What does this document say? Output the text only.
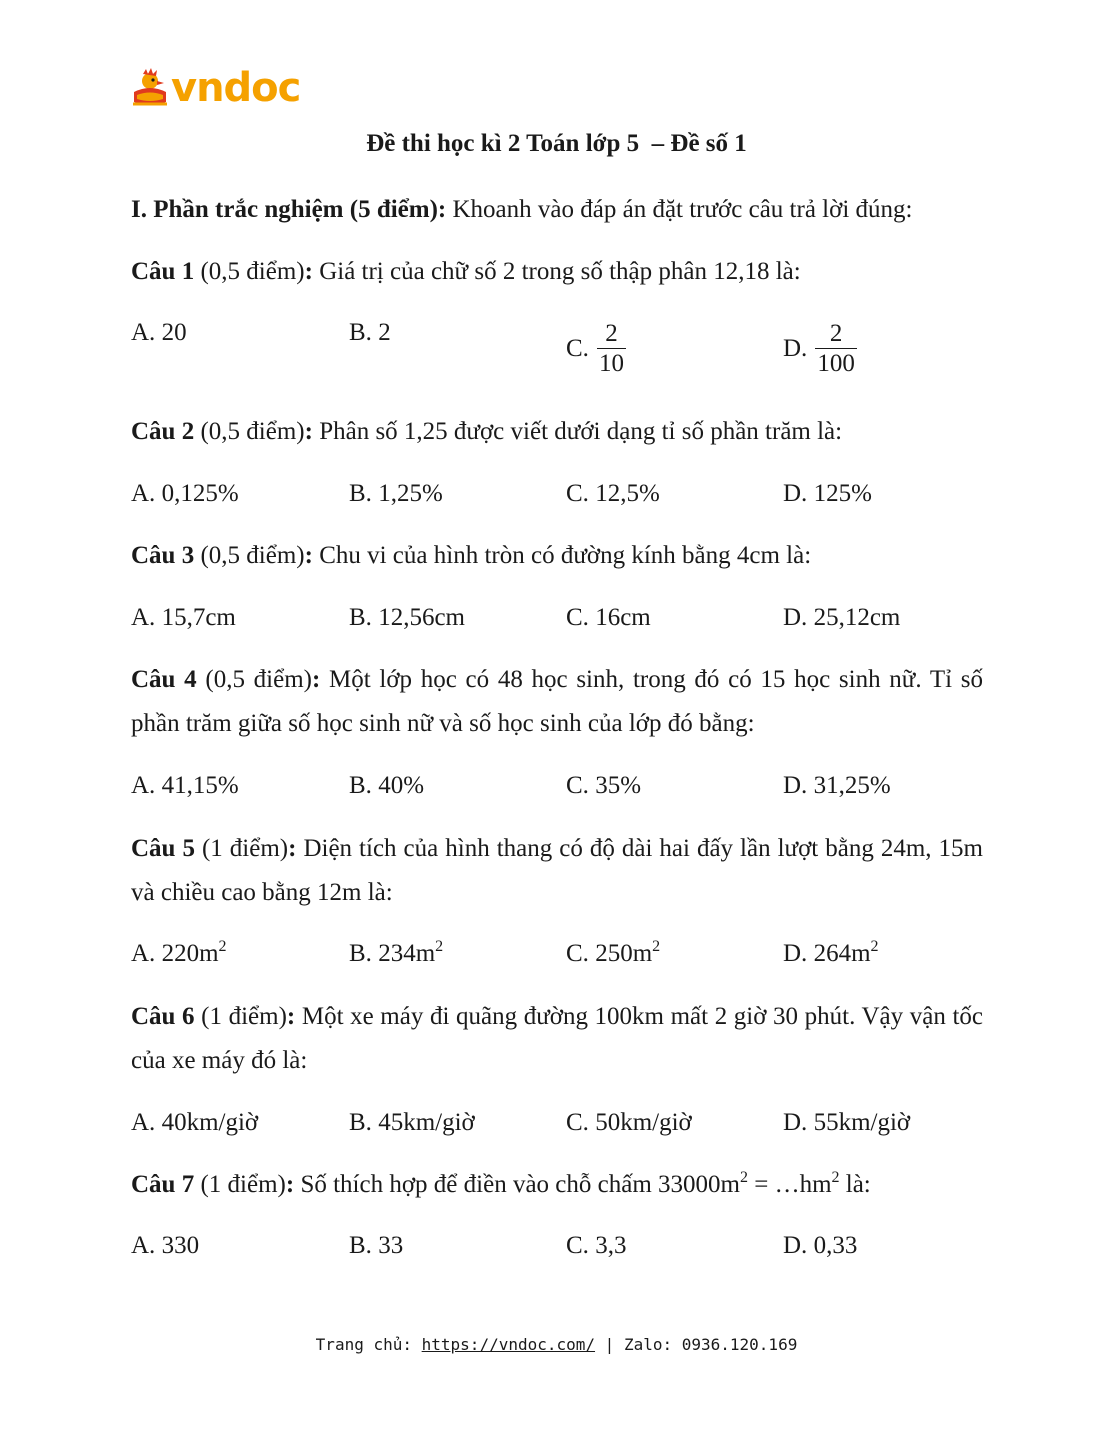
vndoc
Đề thi học kì 2 Toán lớp 5  – Đề số 1
I. Phần trắc nghiệm (5 điểm): Khoanh vào đáp án đặt trước câu trả lời đúng:
Câu 1 (0,5 điểm): Giá trị của chữ số 2 trong số thập phân 12,18 là:
A. 20	B. 2
C. $\frac{2}{10}$	D. $\frac{2}{100}$
Câu 2 (0,5 điểm): Phân số 1,25 được viết dưới dạng tỉ số phần trăm là:
A. 0,125%	B. 1,25%	C. 12,5%	D. 125%
Câu 3 (0,5 điểm): Chu vi của hình tròn có đường kính bằng 4cm là:
A. 15,7cm	B. 12,56cm	C. 16cm	D. 25,12cm
Câu 4 (0,5 điểm): Một lớp học có 48 học sinh, trong đó có 15 học sinh nữ. Tỉ số phần trăm giữa số học sinh nữ và số học sinh của lớp đó bằng:
A. 41,15%	B. 40%	C. 35%	D. 31,25%
Câu 5 (1 điểm): Diện tích của hình thang có độ dài hai đấy lần lượt bằng 24m, 15m và chiều cao bằng 12m là:
A. $220m^2$	B. $234m^2$	C. $250m^2$	D. $264m^2$
Câu 6 (1 điểm): Một xe máy đi quãng đường 100km mất 2 giờ 30 phút. Vậy vận tốc của xe máy đó là:
A. 40km/giờ	B. 45km/giờ	C. 50km/giờ	D. 55km/giờ
Câu 7 (1 điểm): Số thích hợp để điền vào chỗ chấm $33000m^2$ = $\dots hm^2$ là:
A. 330	B. 33	C. 3,3	D. 0,33
Trang chủ: https://vndoc.com/ | Zalo: 0936.120.169
